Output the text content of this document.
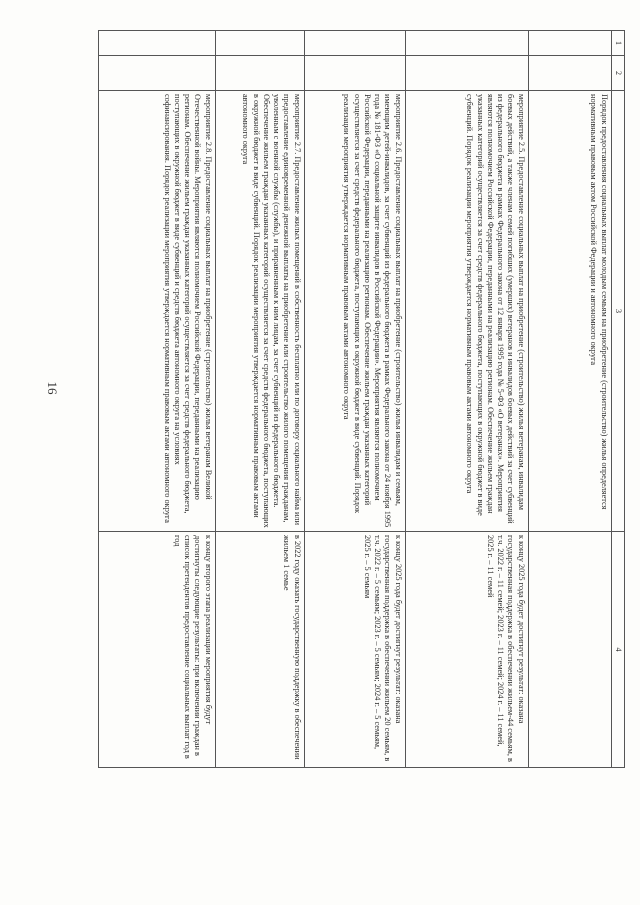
16
1	2	3	4
		Порядок предоставления социальных выплат молодым семьям на приобретение (строительство) жилья определяется нормативным правовым актом Российской Федерации и автономного округа	
		мероприятие 2.5. Предоставление социальных выплат на приобретение (строительство) жилья ветеранам, инвалидам боевых действий, а также членам семей погибших (умерших) ветеранов и инвалидов боевых действий за счет субвенций из федерального бюджета в рамках Федерального закона от 12 января 1995 года № 5-ФЗ «О ветеранах». Мероприятия являются полномочием Российской Федерации, переданными на реализацию регионам. Обеспечение жильем граждан указанных категорий осуществляется за счет средств федерального бюджета, поступающих в окружной бюджет в виде субвенций. Порядок реализации мероприятия утверждается нормативным правовым актами автономного округа	к концу 2025 года будет достигнут результат: оказана государственная поддержка в обеспечении жильем-44 семьям, в т.ч. 2022 г. – 11 семей; 2023 г. – 11 семей; 2024 г. – 11 семей, 2025 г. – 11 семей
		мероприятие 2.6. Предоставление социальных выплат на приобретение (строительство) жилья инвалидам и семьям, имеющим детей-инвалидов, за счет субвенций из федерального бюджета в рамках Федерального закона от 24 ноября 1995 года № 181-ФЗ «О социальной защите инвалидов в Российской Федерации». Мероприятия являются полномочием Российской Федерации, переданными на реализацию регионам. Обеспечение жильем граждан указанных категорий осуществляется за счет средств федерального бюджета, поступающих в окружной бюджет в виде субвенций. Порядок реализации мероприятия утверждается нормативным правовым актами автономного округа	к концу 2025 года будет достигнут результат: оказана государственная поддержка в обеспечении жильем 20 семьям, в т.ч. 2022 г. – 5 семьям; 2023 г. – 5 семьям; 2024 г. – 5 семьям, 2025 г. – 5 семьям
		мероприятие 2.7. Предоставление жилых помещений в собственность бесплатно или по договору социального найма или предоставление единовременной денежной выплаты на приобретение или строительство жилого помещения гражданам, уволенным с военной службы (службы), и приравненным к ним лицам, за счет субвенций из федерального бюджета. Обеспечение жильем граждан указанных категорий осуществляется за счет средств федерального бюджета, поступающих в окружной бюджет в виде субвенций. Порядок реализации мероприятия утверждается нормативным правовым актами автономного округа	в 2022 году оказать государственную поддержку в обеспечении жильем 1 семье
		мероприятие 2.8. Предоставление социальных выплат на приобретение (строительство) жилья ветеранам Великой Отечественной войны. Мероприятия являются полномочием Российской Федерации, переданными на реализацию регионам. Обеспечение жильем граждан указанных категорий осуществляется за счет средств федерального бюджета, поступающих в окружной бюджет в виде субвенций и средств бюджета автономного округа на условиях софинансирования. Порядок реализации мероприятия утверждается нормативным правовым актами автономного округа	к концу второго этапа реализации мероприятия будут достигнуты следующие результаты: при включении граждан в список претендентов предоставление социальных выплат год в год
